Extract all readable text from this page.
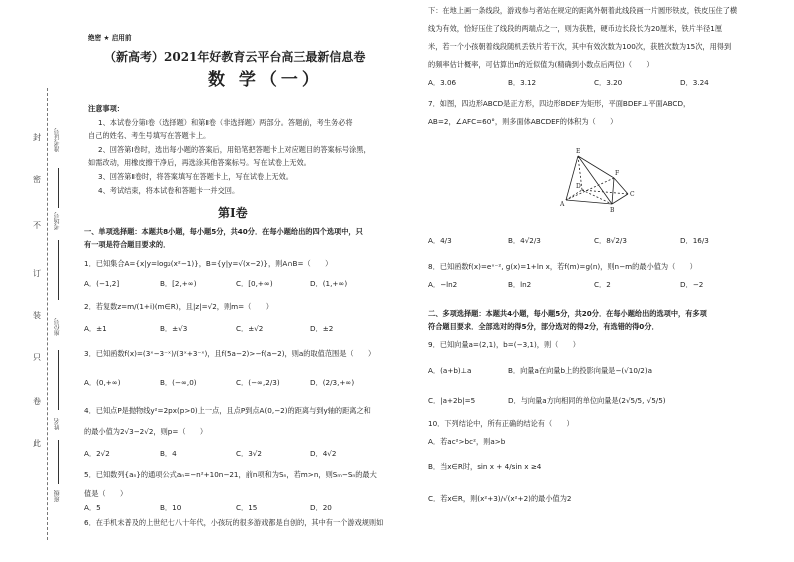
封
密
不
订
装
只
卷
此
准考证号
考场号
座位号
姓名
班级
绝密 ★ 启用前
（新高考）2021年好教育云平台高三最新信息卷
数 学（一）
注意事项：
1、本试卷分第Ⅰ卷（选择题）和第Ⅱ卷（非选择题）两部分。答题前，考生务必将
自己的姓名、考生号填写在答题卡上。
2、回答第Ⅰ卷时，选出每小题的答案后，用铅笔把答题卡上对应题目的答案标号涂黑，
如需改动，用橡皮擦干净后，再选涂其他答案标号。写在试卷上无效。
3、回答第Ⅱ卷时，将答案填写在答题卡上，写在试卷上无效。
4、考试结束，将本试卷和答题卡一并交回。
第Ⅰ卷
一、单项选择题：本题共8小题，每小题5分，共40分．在每小题给出的四个选项中，只
有一项是符合题目要求的．
1．已知集合A={x|y=log₂(x²−1)}，B={y|y=√(x−2)}，则A∩B=（　　）
A．(−1,2]	B．[2,+∞)	C．[0,+∞)	D．(1,+∞)
2．若复数z=m/(1+i)(m∈R)，且|z|=√2，则m=（　　）
A．±1	B．±√3	C．±√2	D．±2
3．已知函数f(x)=(3ˣ−3⁻ˣ)/(3ˣ+3⁻ˣ)，且f(5a−2)>−f(a−2)，则a的取值范围是（　　）
A．(0,+∞)	B．(−∞,0)	C．(−∞,2/3)	D．(2/3,+∞)
4．已知点P是抛物线y²=2px(p>0)上一点，且点P到点A(0,−2)的距离与到y轴的距离之和
的最小值为2√3−2√2，则p=（　　）
A．2√2	B．4	C．3√2	D．4√2
5．已知数列{aₙ}的通项公式aₙ=−n²+10n−21，前n项和为Sₙ，若m>n，则Sₘ−Sₙ的最大
值是（　　）
A．5	B．10	C．15	D．20
6．在手机未普及的上世纪七八十年代，小孩玩的很多游戏都是自创的，其中有一个游戏规则如
下：在地上画一条线段，游戏参与者站在规定的距离外朝着此线段画一片圆形铁皮，铁皮压住了横
线为有效，恰好压住了线段的两端点之一，则为获胜，硬币边长段长为20厘米，铁片半径1厘
米，若一个小孩朝着线段随机丢铁片若干次，其中有效次数为100次，获胜次数为15次，用得到
的频率估计概率，可估算出π的近似值为(精确到小数点后两位)（　　）
A．3.06	B．3.12	C．3.20	D．3.24
7．如图，四边形ABCD是正方形，四边形BDEF为矩形，平面BDEF⊥平面ABCD，
AB=2，∠AFC=60°，则多面体ABCDEF的体积为（　　）
A．4/3	B．4√2/3	C．8√2/3	D．16/3
8．已知函数f(x)=eˣ⁻², g(x)=1+ln x，若f(m)=g(n)，则n−m的最小值为（　　）
A．−ln2	B．ln2	C．2	D．−2
二、多项选择题：本题共4小题，每小题5分，共20分．在每小题给出的选项中，有多项
符合题目要求．全部选对的得5分，部分选对的得2分，有选错的得0分．
9．已知向量a=(2,1)，b=(−3,1)，则（　　）
A．(a+b)⊥a	B．向量a在向量b上的投影向量是−(√10/2)a
C．|a+2b|=5	D．与向量a方向相同的单位向量是(2√5/5, √5/5)
10．下列结论中，所有正确的结论有（　　）
A．若ac²>bc²，则a>b
B．当x∈R时，sin x + 4/sin x ≥4
C．若x∈R，则(x²+3)/√(x²+2)的最小值为2
E
F
D
C
A
B
